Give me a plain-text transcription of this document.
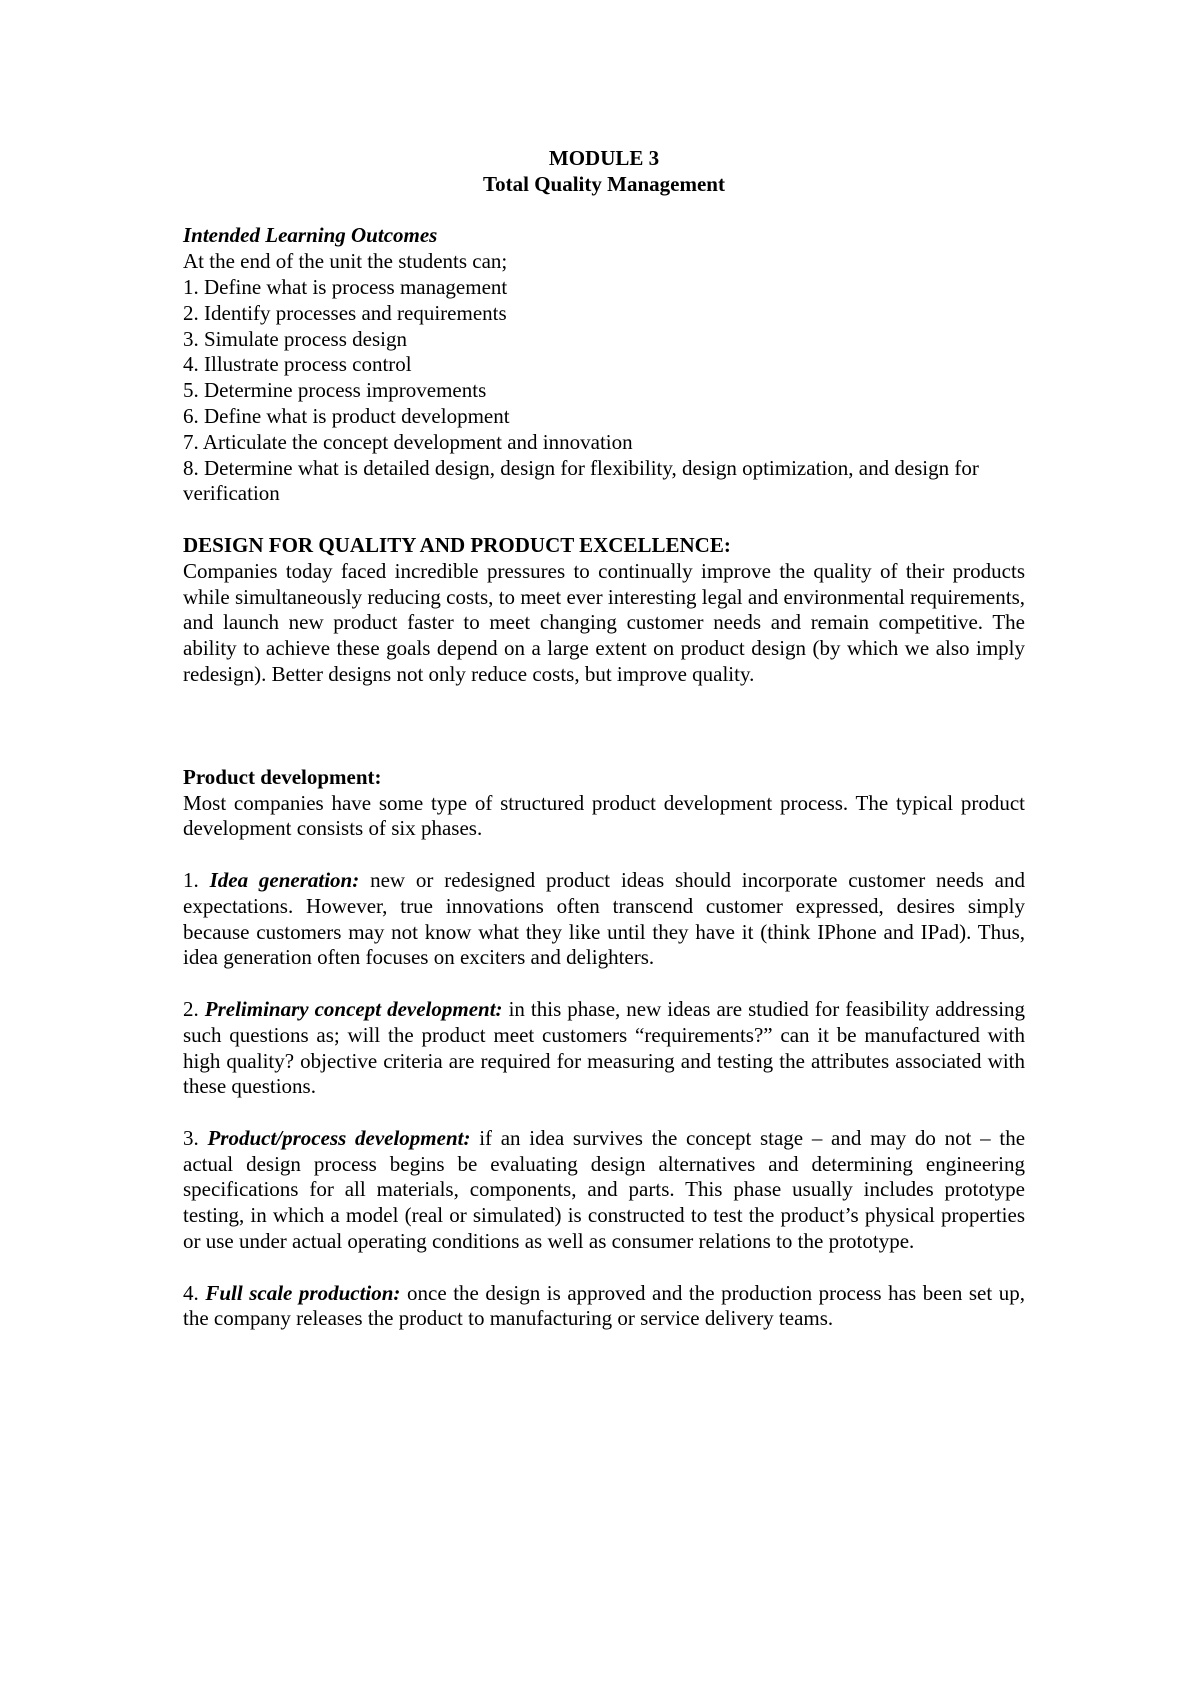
MODULE 3

Total Quality Management

Intended Learning Outcomes

At the end of the unit the students can;

1. Define what is process management

2. Identify processes and requirements

3. Simulate process design

4. Illustrate process control

5. Determine process improvements

6. Define what is product development

7. Articulate the concept development and innovation

8. Determine what is detailed design, design for flexibility, design optimization, and design for verification

DESIGN FOR QUALITY AND PRODUCT EXCELLENCE:

Companies today faced incredible pressures to continually improve the quality of their products while simultaneously reducing costs, to meet ever interesting legal and environmental requirements, and launch new product faster to meet changing customer needs and remain competitive. The ability to achieve these goals depend on a large extent on product design (by which we also imply redesign). Better designs not only reduce costs, but improve quality.

Product development:

Most companies have some type of structured product development process. The typical product development consists of six phases.

1. Idea generation: new or redesigned product ideas should incorporate customer needs and expectations. However, true innovations often transcend customer expressed, desires simply because customers may not know what they like until they have it (think IPhone and IPad). Thus, idea generation often focuses on exciters and delighters.

2. Preliminary concept development: in this phase, new ideas are studied for feasibility addressing such questions as; will the product meet customers “requirements?” can it be manufactured with high quality? objective criteria are required for measuring and testing the attributes associated with these questions.

3. Product/process development: if an idea survives the concept stage – and may do not – the actual design process begins be evaluating design alternatives and determining engineering specifications for all materials, components, and parts. This phase usually includes prototype testing, in which a model (real or simulated) is constructed to test the product’s physical properties or use under actual operating conditions as well as consumer relations to the prototype.

4. Full scale production: once the design is approved and the production process has been set up, the company releases the product to manufacturing or service delivery teams.
